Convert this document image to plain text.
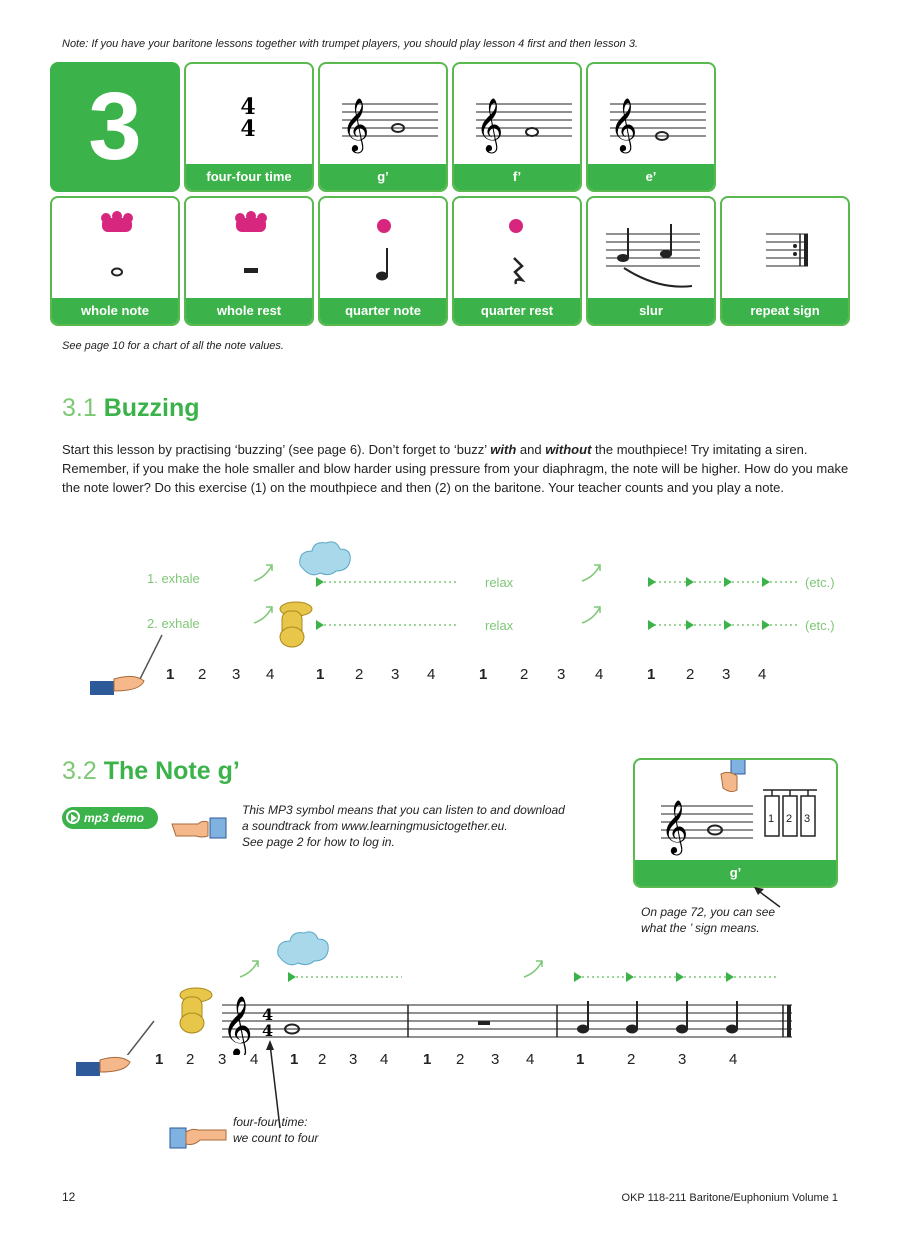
Note: If you have your baritone lessons together with trumpet players, you should play lesson 4 first and then lesson 3.
3	4
4
four-four time
𝄞
g’
𝄞
f’
𝄞
e’
whole note	whole rest	quarter note	quarter rest	slur	repeat sign
See page 10 for a chart of all the note values.
3.1 Buzzing
Start this lesson by practising ‘buzzing’ (see page 6). Don’t forget to ‘buzz’ with and without the mouthpiece! Try imitating a siren. Remember, if you make the hole smaller and blow harder using pressure from your diaphragm, the note will be higher. How do you make the note lower? Do this exercise (1) on the mouthpiece and then (2) on the baritone. Your teacher counts and you play a note.
1. exhale
2. exhale
relax
relax
(etc.)
(etc.)
1 2 3 4	1 2 3 4	1 2 3 4	1 2 3 4
3.2 The Note g’
mp3 demo
This MP3 symbol means that you can listen to and download
a soundtrack from www.learningmusictogether.eu.
See page 2 for how to log in.	𝄞	1 2 3
g’
On page 72, you can see
what the ’ sign means.
𝄞 4
4
1 2 3 4 1 2 3 4 1 2 3 4	1	2	3	4
four-four time:
we count to four
12	OKP 118-211 Baritone/Euphonium Volume 1
